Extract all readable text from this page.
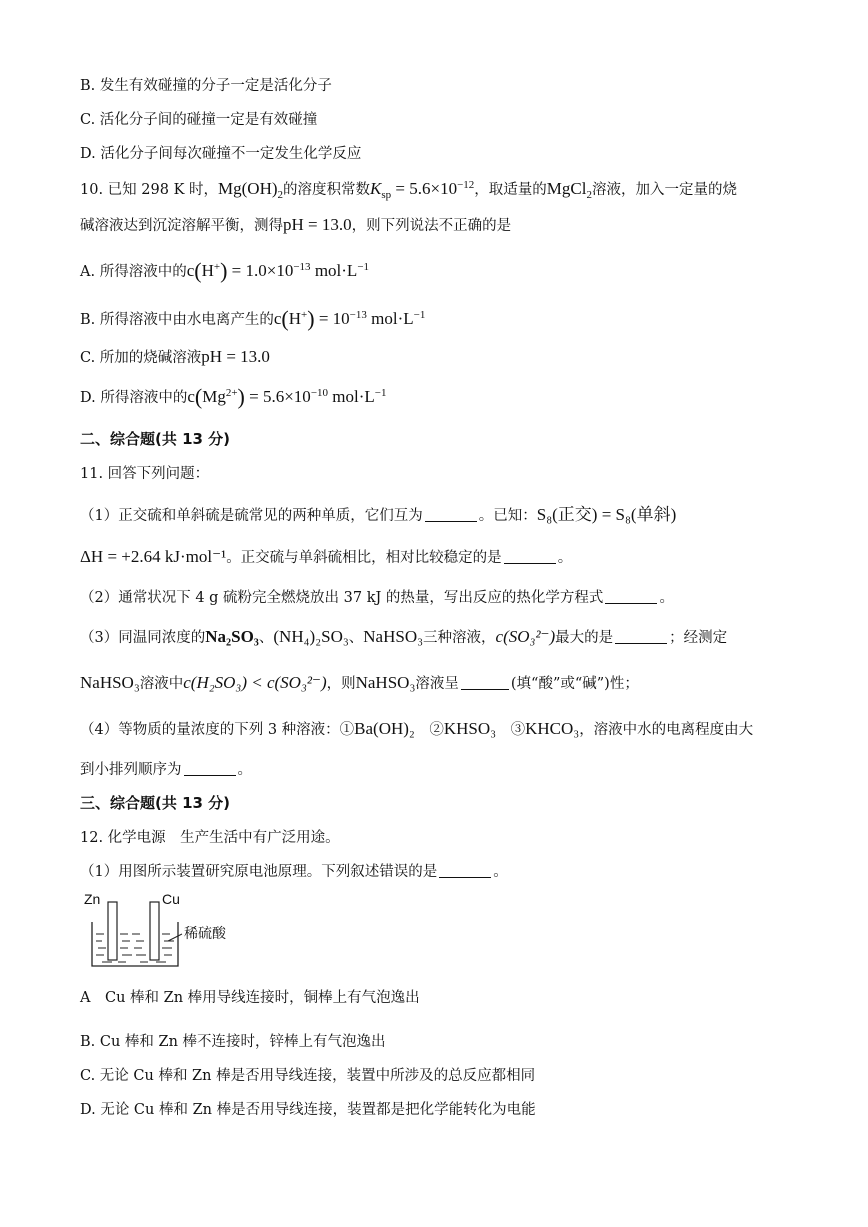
B. 发生有效碰撞的分子一定是活化分子
C. 活化分子间的碰撞一定是有效碰撞
D. 活化分子间每次碰撞不一定发生化学反应
10. 已知 298 K 时，$Mg(OH)_2$的溶度积常数$K_{sp} = 5.6\times 10^{-12}$，取适量的MgCl$_2$溶液，加入一定量的烧
碱溶液达到沉淀溶解平衡，测得pH = 13.0，则下列说法不正确的是
A. 所得溶液中的$c(H^+) = 1.0\times 10^{-13}$ $mol\cdot L^{-1}$
B. 所得溶液中由水电离产生的$c(H^+) = 10^{-13}$ $mol\cdot L^{-1}$
C. 所加的烧碱溶液pH = 13.0
D. 所得溶液中的$c(Mg^{2+}) = 5.6\times 10^{-10}$ $mol\cdot L^{-1}$
二、综合题(共 13 分)
11. 回答下列问题：
（1）正交硫和单斜硫是硫常见的两种单质，它们互为	。已知：S₈(正交) = S₈(单斜)
ΔH = +2.64 kJ·mol⁻¹。正交硫与单斜硫相比，相对比较稳定的是	。
（2）通常状况下 4 g 硫粉完全燃烧放出 37 kJ 的热量，写出反应的热化学方程式	。
（3）同温同浓度的Na₂SO₃、(NH₄)₂SO₃、NaHSO₃三种溶液，c(SO₃²⁻)最大的是	；经测定
NaHSO₃溶液中c(H₂SO₃) < c(SO₃²⁻)，则NaHSO₃溶液呈	(填“酸”或“碱”)性；
（4）等物质的量浓度的下列 3 种溶液：①Ba(OH)₂　 ②KHSO₃　 ③KHCO₃，溶液中水的电离程度由大
到小排列顺序为	。
三、综合题(共 13 分)
12. 化学电源　生产生活中有广泛用途。
（1）用图所示装置研究原电池原理。下列叙述错误的是	。
Zn	Cu
稀硫酸
A　Cu 棒和 Zn 棒用导线连接时，铜棒上有气泡逸出
B. Cu 棒和 Zn 棒不连接时，锌棒上有气泡逸出
C. 无论 Cu 棒和 Zn 棒是否用导线连接，装置中所涉及的总反应都相同
D. 无论 Cu 棒和 Zn 棒是否用导线连接，装置都是把化学能转化为电能
